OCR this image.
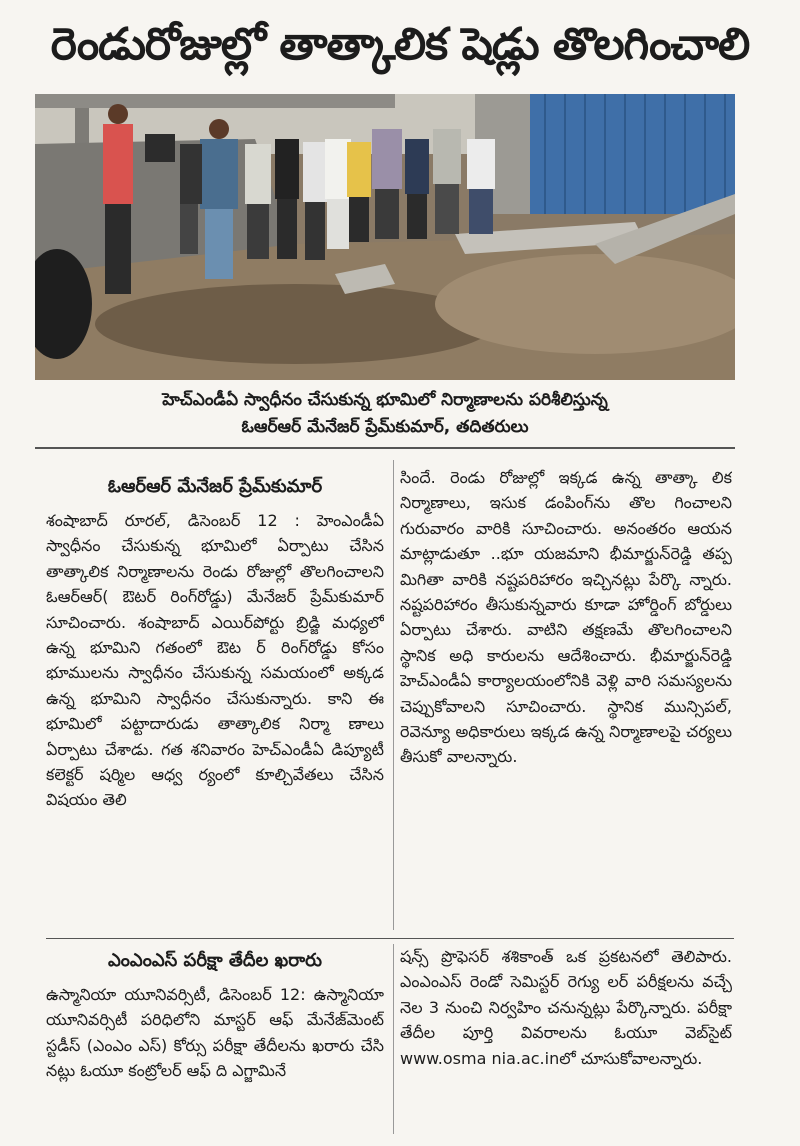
రెండురోజుల్లో తాత్కాలిక షెడ్లు తొలగించాలి
హెచ్‌ఎండీఏ స్వాధీనం చేసుకున్న భూమిలో నిర్మాణాలను పరిశీలిస్తున్న
ఓఆర్‌ఆర్ మేనేజర్ ప్రేమ్‌కుమార్, తదితరులు
ఓఆర్‌ఆర్ మేనేజర్ ప్రేమ్‌కుమార్

శంషాబాద్ రూరల్, డిసెంబర్ 12 : హెంఎండీఏ స్వాధీనం చేసుకున్న భూమిలో ఏర్పాటు చేసిన తాత్కాలిక నిర్మాణాలను రెండు రోజుల్లో తొలగించాలని ఓఆర్ఆర్( ఔటర్ రింగ్‌రోడ్డు) మేనేజర్ ప్రేమ్‌కుమార్ సూచించారు. శంషాబాద్ ఎయిర్‌పోర్టు బ్రిడ్జి మధ్యలో ఉన్న భూమిని గతంలో ఔట ర్ రింగ్‌రోడ్డు కోసం భూములను స్వాధీనం చేసుకున్న సమయంలో అక్కడ ఉన్న భూమిని స్వాధీనం చేసుకున్నారు. కాని ఈ భూమిలో పట్టాదారుడు తాత్కాలిక నిర్మా ణాలు ఏర్పాటు చేశాడు. గత శనివారం హెచ్‌ఎండీఏ డిప్యూటీ కలెక్టర్ షర్మిల ఆధ్వ ర్యంలో కూల్చివేతలు చేసిన విషయం తెలి

సిందే. రెండు రోజుల్లో ఇక్కడ ఉన్న తాత్కా లిక నిర్మాణాలు, ఇసుక డంపింగ్‌ను తొల గించాలని గురువారం వారికి సూచించారు. అనంతరం ఆయన మాట్లాడుతూ ..భూ యజమాని భీమార్జున్‌రెడ్డి తప్ప మిగితా వారికి నష్టపరిహారం ఇచ్చినట్లు పేర్కొ న్నారు. నష్టపరిహారం తీసుకున్నవారు కూడా హోర్డింగ్ బోర్డులు ఏర్పాటు చేశారు. వాటిని తక్షణమే తొలగించాలని స్థానిక అధి కారులను ఆదేశించారు. భీమార్జున్‌రెడ్డి హెచ్‌ఎండీఏ కార్యాలయంలోనికి వెళ్లి వారి సమస్యలను చెప్పుకోవాలని సూచించారు. స్థానిక మున్సిపల్, రెవెన్యూ అధికారులు ఇక్కడ ఉన్న నిర్మాణాలపై చర్యలు తీసుకో వాలన్నారు.

ఎంఎంఎస్ పరీక్షా తేదీల ఖరారు

ఉస్మానియా యూనివర్సిటీ, డిసెంబర్ 12: ఉస్మానియా యూనివర్సిటీ పరిధిలోని మాస్టర్ ఆఫ్ మేనేజ్‌మెంట్ స్టడీస్ (ఎంఎం ఎస్) కోర్సు పరీక్షా తేదీలను ఖరారు చేసి నట్లు ఓయూ కంట్రోలర్ ఆఫ్ ది ఎగ్జామినే

షన్స్ ప్రొఫెసర్ శశికాంత్ ఒక ప్రకటనలో తెలిపారు. ఎంఎంఎస్ రెండో సెమిస్టర్ రెగ్యు లర్ పరీక్షలను వచ్చే నెల 3 నుంచి నిర్వహిం చనున్నట్లు పేర్కొన్నారు. పరీక్షా తేదీల పూర్తి వివరాలను ఓయూ వెబ్‌సైట్ www.osma nia.ac.inలో చూసుకోవాలన్నారు.
